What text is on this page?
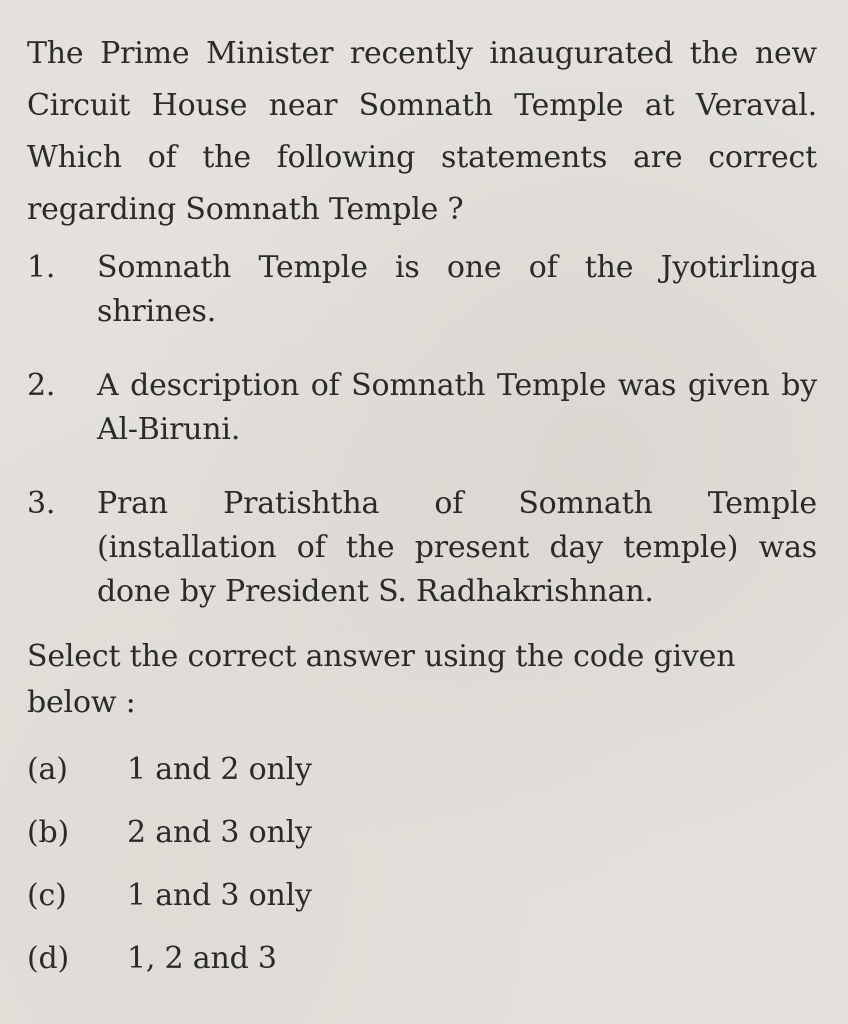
The Prime Minister recently inaugurated the new Circuit House near Somnath Temple at Veraval. Which of the following statements are correct regarding Somnath Temple ?

1.	Somnath Temple is one of the Jyotirlinga shrines.
2.	A description of Somnath Temple was given by Al-Biruni.
3.	Pran Pratishtha of Somnath Temple (installation of the present day temple) was done by President S. Radhakrishnan.
Select the correct answer using the code given below :
(a)	1 and 2 only
(b)	2 and 3 only
(c)	1 and 3 only
(d)	1, 2 and 3
